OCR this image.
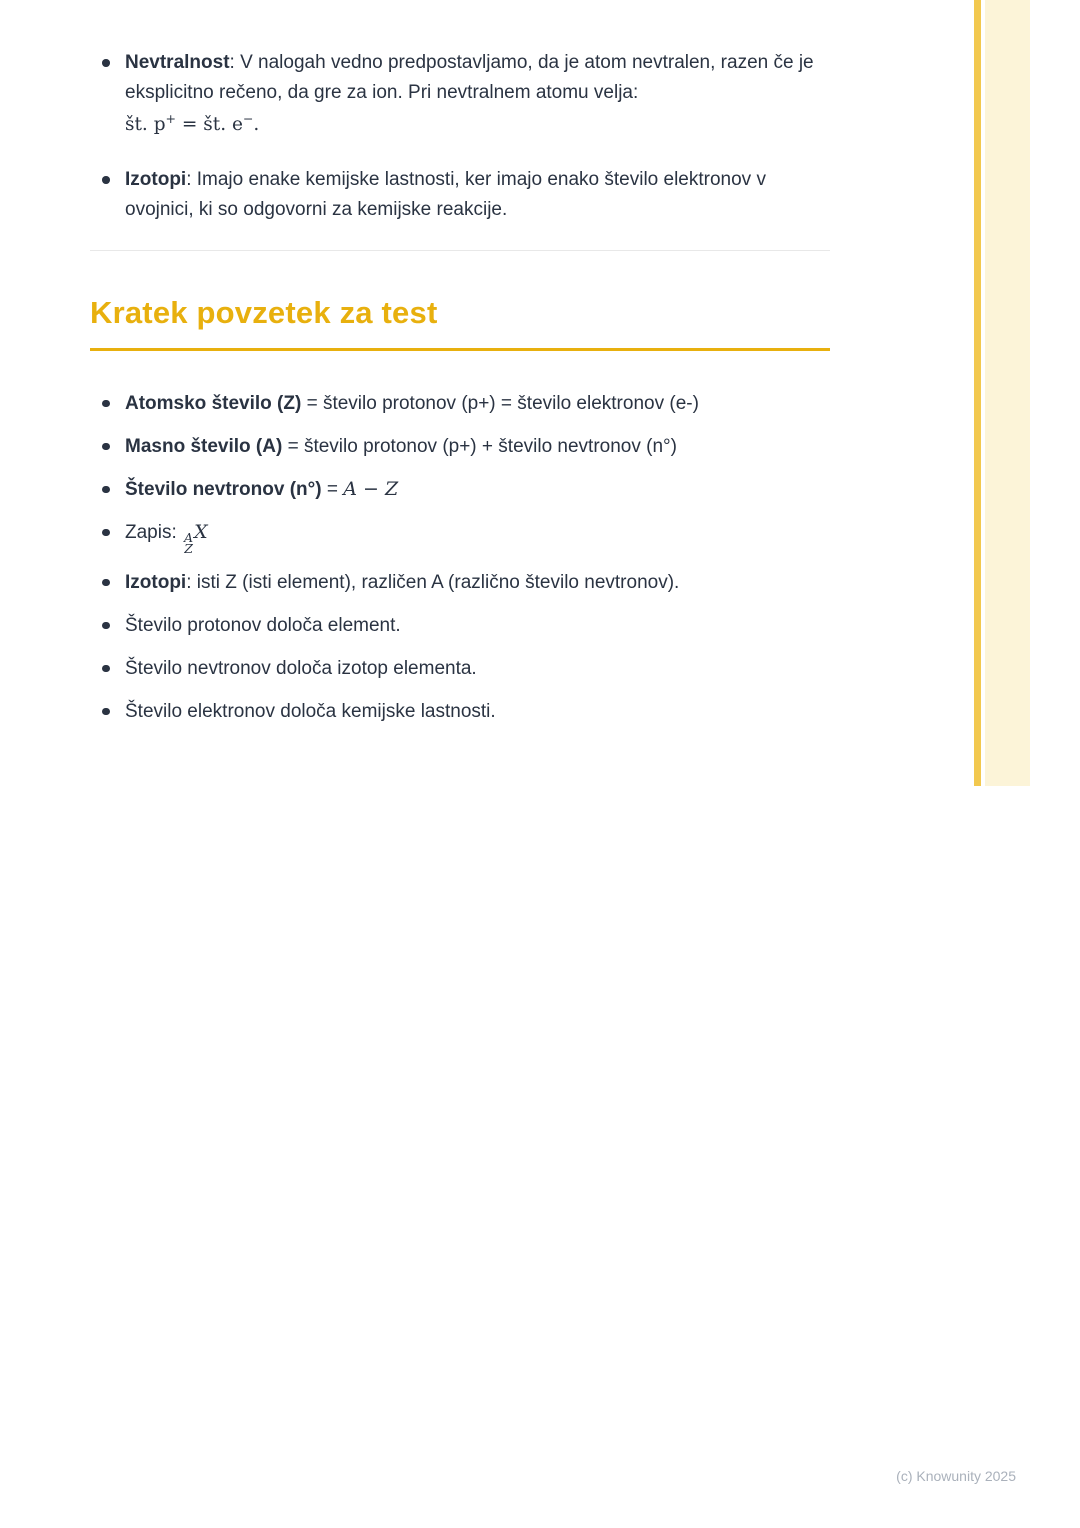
Nevtralnost: V nalogah vedno predpostavljamo, da je atom nevtralen, razen če je eksplicitno rečeno, da gre za ion. Pri nevtralnem atomu velja:
št. p+ = št. e−.
Izotopi: Imajo enake kemijske lastnosti, ker imajo enako število elektronov v ovojnici, ki so odgovorni za kemijske reakcije.
Kratek povzetek za test
Atomsko število (Z) = število protonov (p+) = število elektronov (e-)
Masno število (A) = število protonov (p+) + število nevtronov (n°)
Število nevtronov (n°) = A − Z
Zapis: A
Z
X
Izotopi: isti Z (isti element), različen A (različno število nevtronov).
Število protonov določa element.
Število nevtronov določa izotop elementa.
Število elektronov določa kemijske lastnosti.
(c) Knowunity 2025
